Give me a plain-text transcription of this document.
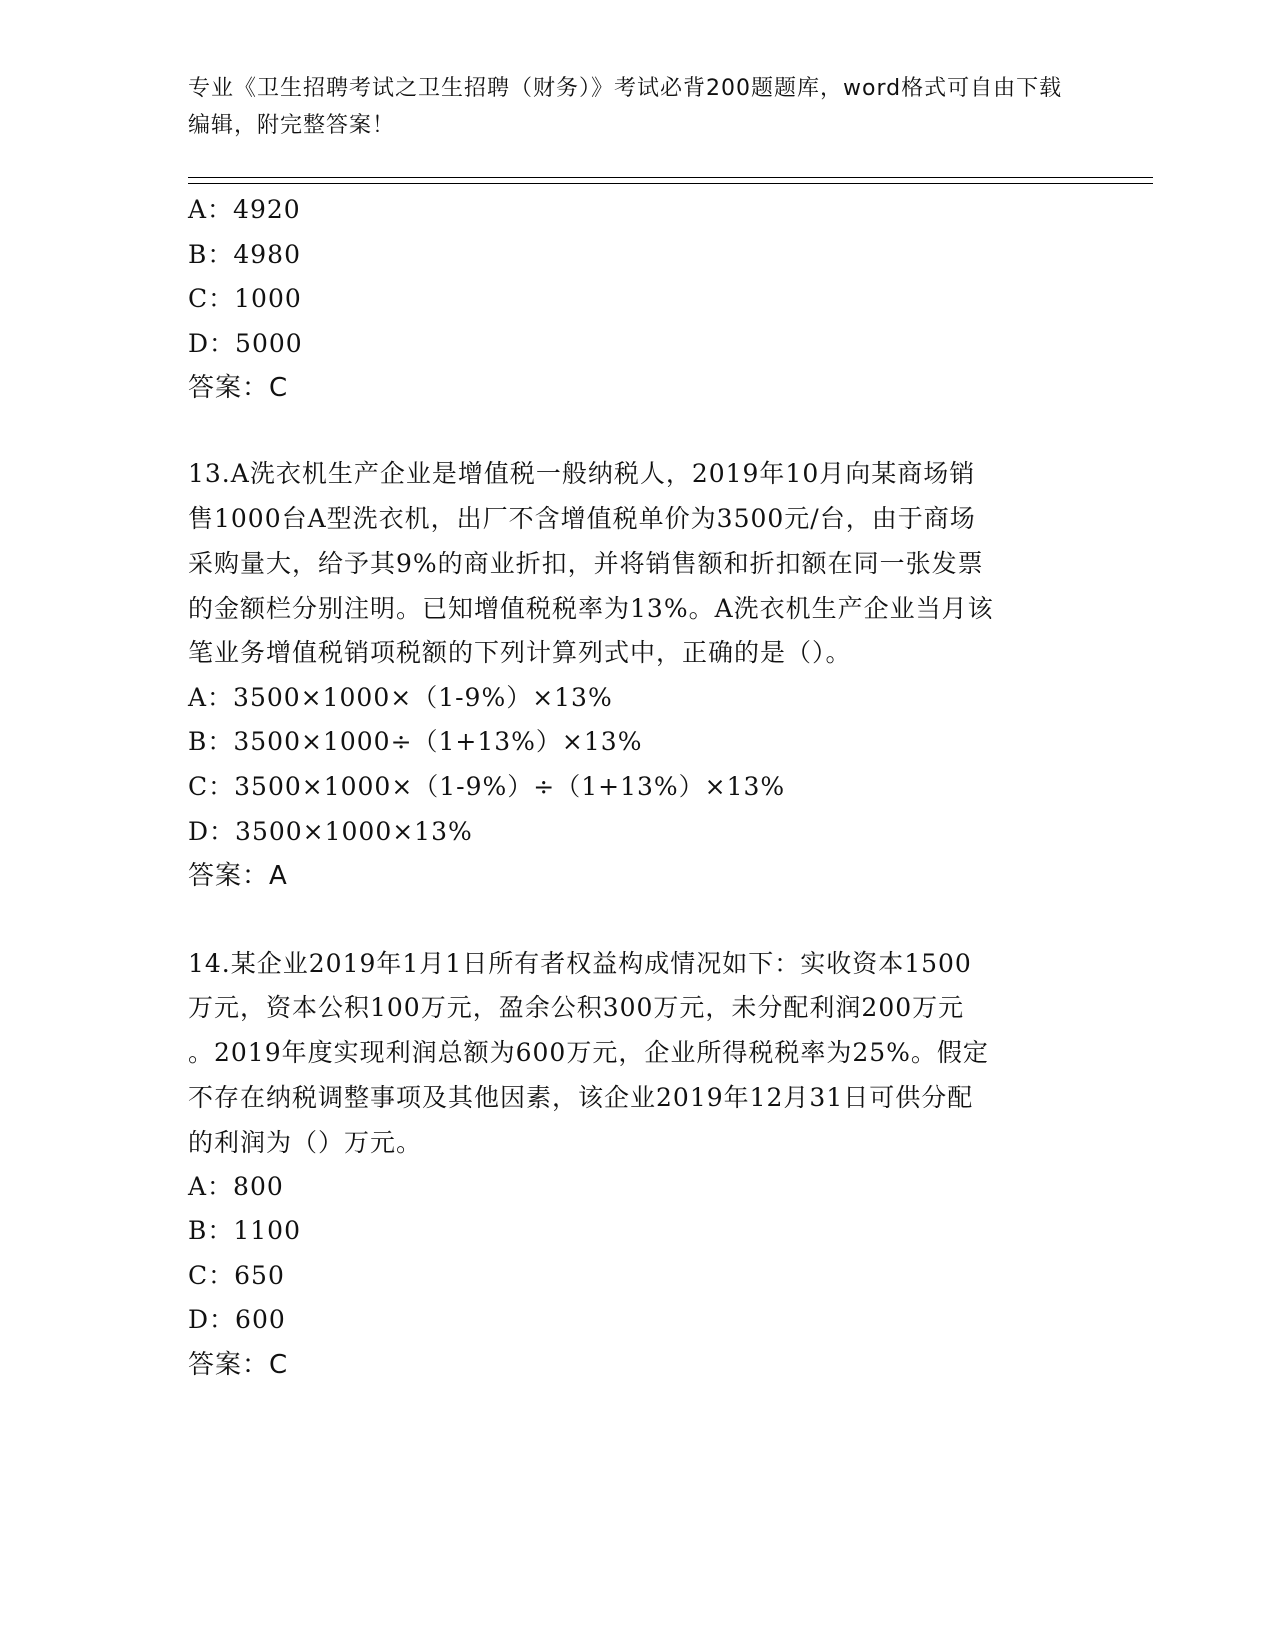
专业《卫生招聘考试之卫生招聘（财务）》考试必背200题题库，word格式可自由下载编辑，附完整答案！
A：4920
B：4980
C：1000
D：5000
答案：C
13.A洗衣机生产企业是增值税一般纳税人，2019年10月向某商场销
售1000台A型洗衣机，出厂不含增值税单价为3500元/台，由于商场
采购量大，给予其9%的商业折扣，并将销售额和折扣额在同一张发票
的金额栏分别注明。已知增值税税率为13%。A洗衣机生产企业当月该
笔业务增值税销项税额的下列计算列式中，正确的是（）。
A：3500×1000×（1-9%）×13%
B：3500×1000÷（1+13%）×13%
C：3500×1000×（1-9%）÷（1+13%）×13%
D：3500×1000×13%
答案：A
14.某企业2019年1月1日所有者权益构成情况如下：实收资本1500
万元，资本公积100万元，盈余公积300万元，未分配利润200万元
。2019年度实现利润总额为600万元，企业所得税税率为25%。假定
不存在纳税调整事项及其他因素，该企业2019年12月31日可供分配
的利润为（）万元。
A：800
B：1100
C：650
D：600
答案：C
